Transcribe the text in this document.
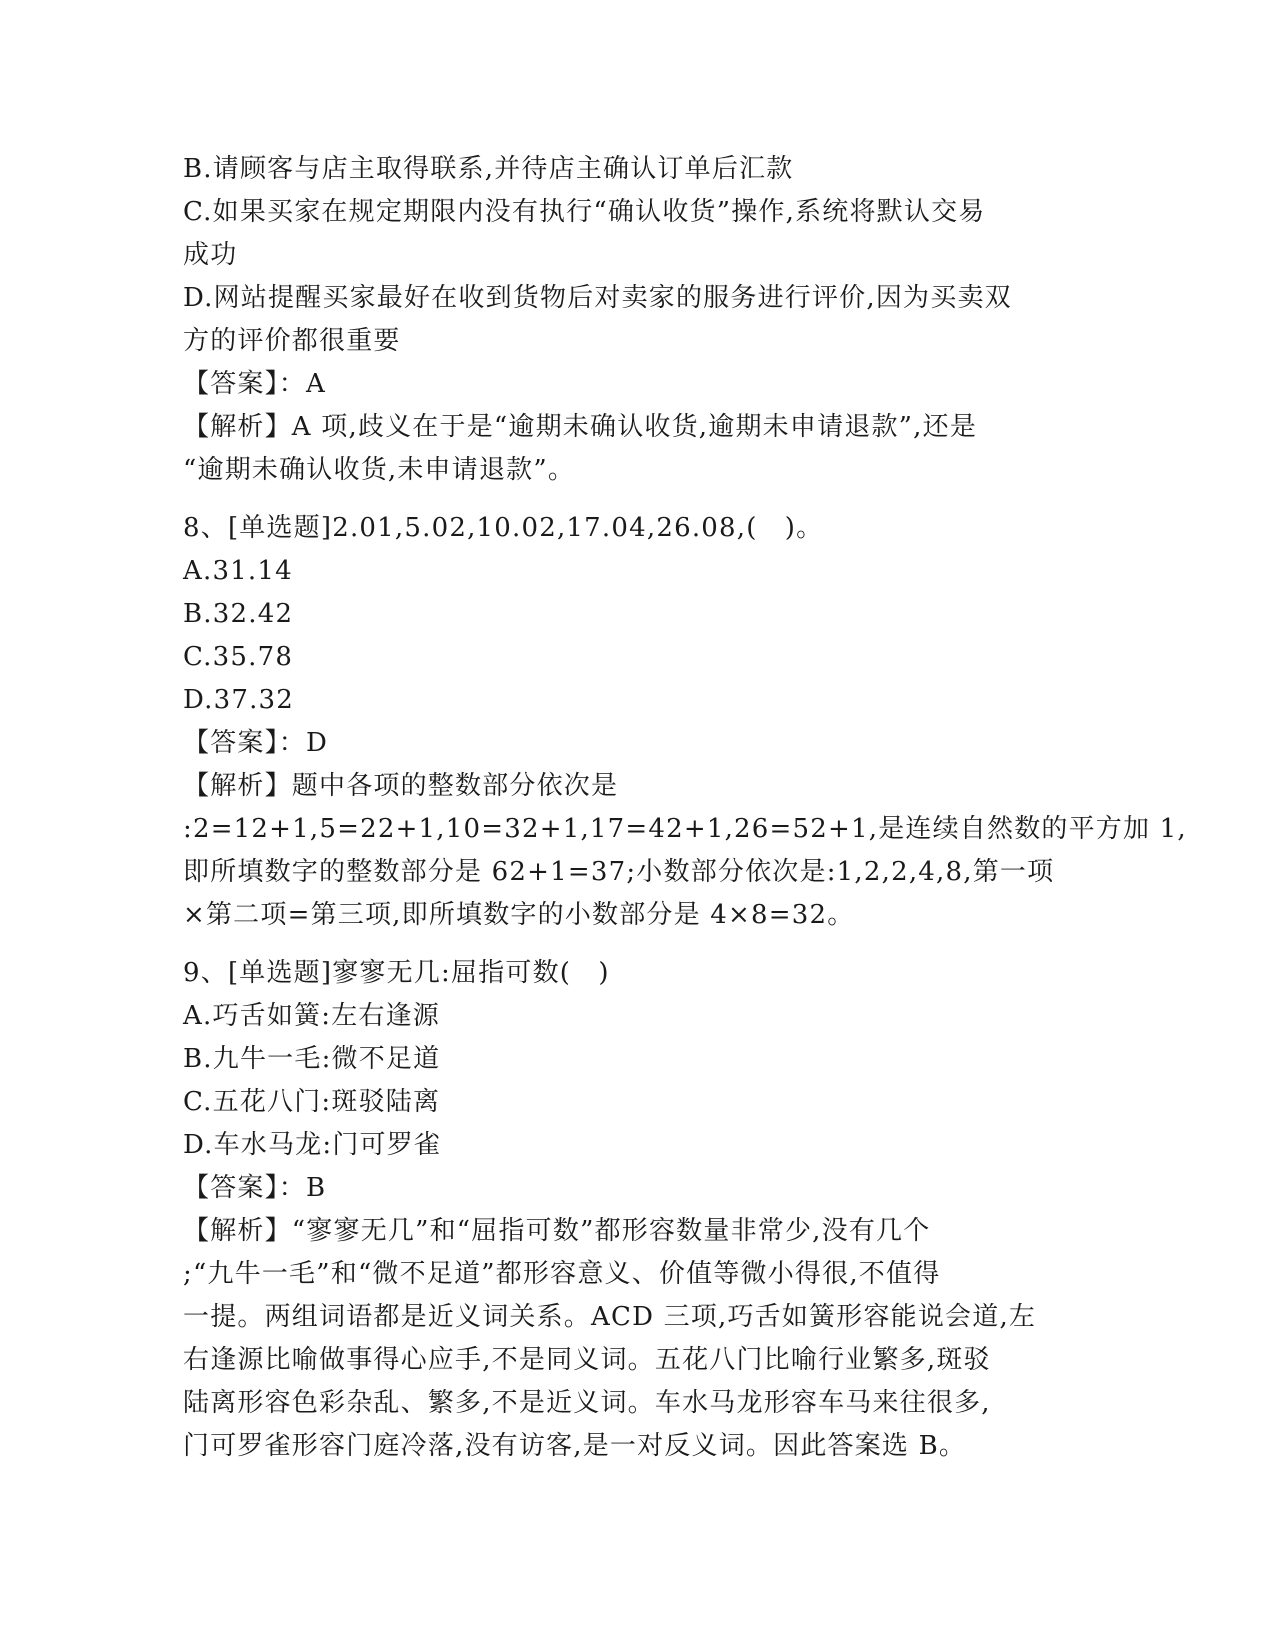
B.请顾客与店主取得联系,并待店主确认订单后汇款
C.如果买家在规定期限内没有执行“确认收货”操作,系统将默认交易
成功
D.网站提醒买家最好在收到货物后对卖家的服务进行评价,因为买卖双
方的评价都很重要
【答案】：A
【解析】A 项,歧义在于是“逾期未确认收货,逾期未申请退款”,还是
“逾期未确认收货,未申请退款”。
8、[单选题]2.01,5.02,10.02,17.04,26.08,(　)。
A.31.14
B.32.42
C.35.78
D.37.32
【答案】：D
【解析】题中各项的整数部分依次是
:2=12+1,5=22+1,10=32+1,17=42+1,26=52+1,是连续自然数的平方加 1,
即所填数字的整数部分是 62+1=37;小数部分依次是:1,2,2,4,8,第一项
×第二项=第三项,即所填数字的小数部分是 4×8=32。
9、[单选题]寥寥无几:屈指可数(　)
A.巧舌如簧:左右逢源
B.九牛一毛:微不足道
C.五花八门:斑驳陆离
D.车水马龙:门可罗雀
【答案】：B
【解析】“寥寥无几”和“屈指可数”都形容数量非常少,没有几个
;“九牛一毛”和“微不足道”都形容意义、价值等微小得很,不值得
一提。两组词语都是近义词关系。ACD 三项,巧舌如簧形容能说会道,左
右逢源比喻做事得心应手,不是同义词。五花八门比喻行业繁多,斑驳
陆离形容色彩杂乱、繁多,不是近义词。车水马龙形容车马来往很多,
门可罗雀形容门庭冷落,没有访客,是一对反义词。因此答案选 B。
